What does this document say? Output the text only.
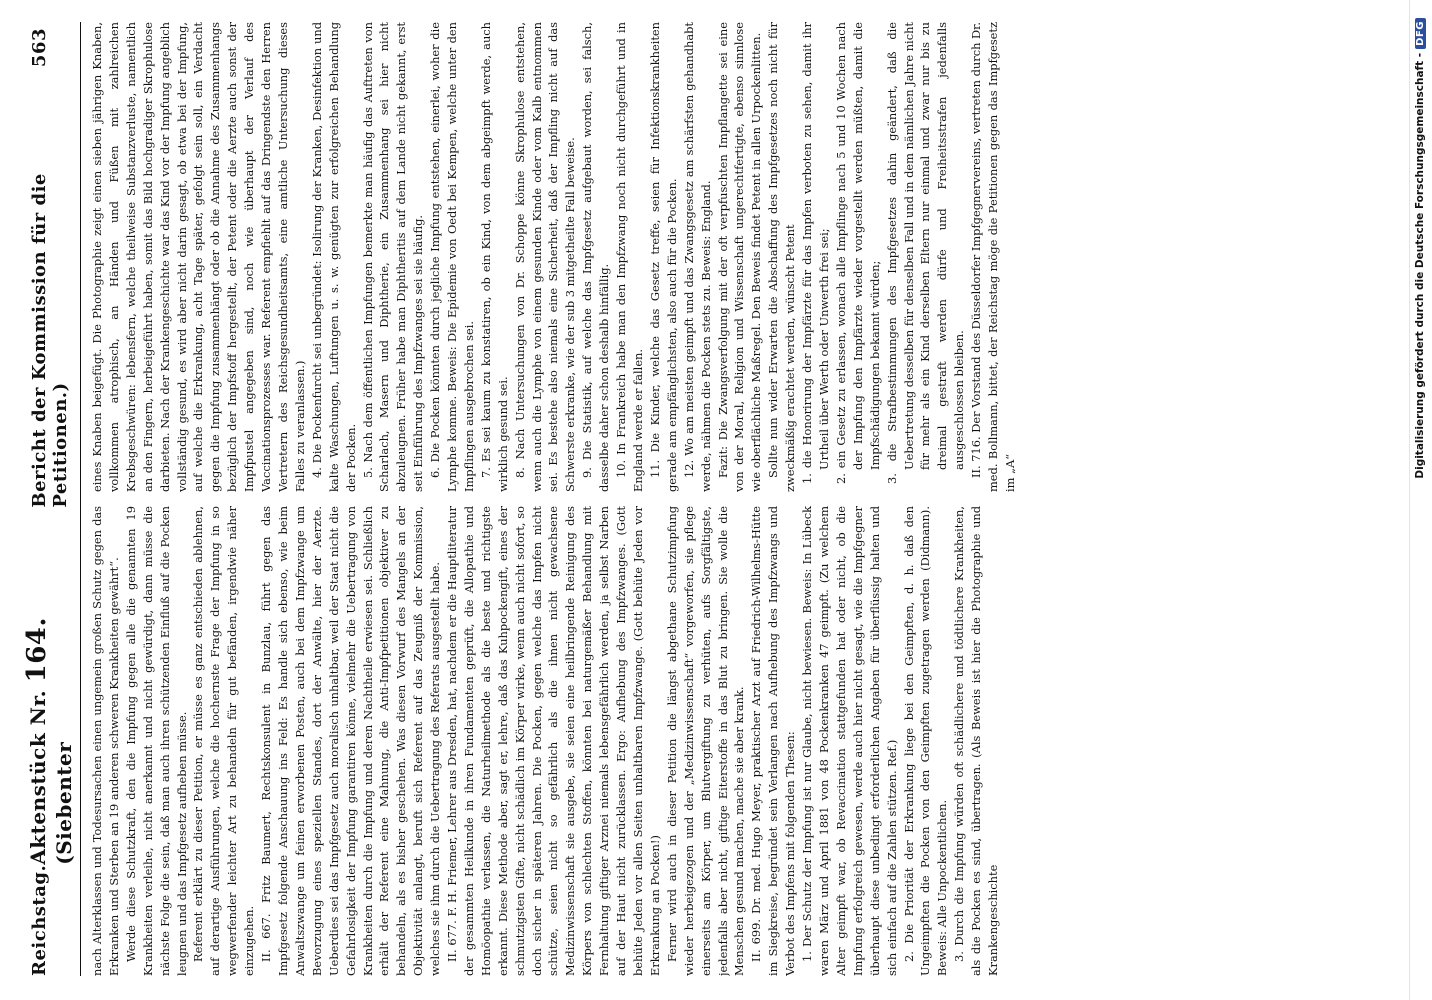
Reichstag.
Aktenstück Nr. 164. (Siebenter
Bericht der Kommission für die Petitionen.)
563

nach Alterklassen und Todesursachen einen ungemein großen Schutz gegen das Erkranken und Sterben an 19 anderen schweren Krankheiten gewährt“. Werde diese Schutzkraft, den die Impfung gegen alle die genannten 19 Krankheiten verleihe, nicht anerkannt und nicht gewürdigt, dann müsse die nächste Folge die sein, daß man auch ihren schützenden Einfluß auf die Pocken leugnen und das Impfgesetz aufheben müsse. Referent erklärt zu dieser Petition, er müsse es ganz entschieden ablehnen, auf derartige Ausführungen, welche die hochernste Frage der Impfung in so wegwerfender leichter Art zu behandeln für gut befänden, irgendwie näher einzugehen. II. 667. Fritz Baumert, Rechtskonsulent in Bunzlau, führt gegen das Impfgesetz folgende Anschauung ins Feld: Es handle sich ebenso, wie beim Anwaltszwange um feinen erworbenen Posten, auch bei dem Impfzwange um Bevorzugung eines speziellen Standes, dort der Anwälte, hier der Aerzte. Ueberdies sei das Impfgesetz auch moralisch unhaltbar, weil der Staat nicht die Gefahrlosigkeit der Impfung garantiren könne, vielmehr die Uebertragung von Krankheiten durch die Impfung und deren Nachtheile erwiesen sei. Schließlich erhält der Referent eine Mahnung, die Anti-Impfpetitionen objektiver zu behandeln, als es bisher geschehen. Was diesen Vorwurf des Mangels an der Objektivität anlangt, beruft sich Referent auf das Zeugniß der Kommission, welches sie ihm durch die Uebertragung des Referats ausgestellt habe. II. 677. F. H. Friemer, Lehrer aus Dresden, hat, nachdem er die Hauptliteratur der gesammten Heilkunde in ihren Fundamenten geprüft, die Allopathie und Homöopathie verlassen, die Naturheilmethode als die beste und richtigste erkannt. Diese Methode aber, sagt er, lehre, daß das Kuhpockengift, eines der schmutzigsten Gifte, nicht schädlich im Körper wirke, wenn auch nicht sofort, so doch sicher in späteren Jahren. Die Pocken, gegen welche das Impfen nicht schütze, seien nicht so gefährlich als die ihnen nicht gewachsene Medizinwissenschaft sie ausgebe, sie seien eine heilbringende Reinigung des Körpers von schlechten Stoffen, könnten bei naturgemäßer Behandlung mit Fernhaltung giftiger Arznei niemals lebensgefährlich werden, ja selbst Narben auf der Haut nicht zurücklassen. Ergo: Aufhebung des Impfzwanges. (Gott behüte Jeden vor allen Seiten unhaltbaren Impfzwange. (Gott behüte Jeden vor Erkrankung an Pocken!) Ferner wird auch in dieser Petition die längst abgethane Schutzimpfung wieder herbeigezogen und der „Medizinwissenschaft“ vorgeworfen, sie pflege einerseits am Körper, um Blutvergiftung zu verhüten, aufs Sorgfältigste, jedenfalls aber nicht, giftige Eiterstoffe in das Blut zu bringen. Sie wolle die Menschen gesund machen, mache sie aber krank. II. 699. Dr. med. Hugo Meyer, praktischer Arzt auf Friedrich-Wilhelms-Hütte im Siegkreise, begründet sein Verlangen nach Aufhebung des Impfzwangs und Verbot des Impfens mit folgenden Thesen: 1. Der Schutz der Impfung ist nur Glaube, nicht bewiesen. Beweis: In Lübeck waren März und April 1881 von 48 Pockenkranken 47 geimpft. (Zu welchem Alter geimpft war, ob Revaccination stattgefunden hat oder nicht, ob die Impfung erfolgreich gewesen, werde auch hier nicht gesagt, wie die Impfgegner überhaupt diese unbedingt erforderlichen Angaben für überflüssig halten und sich einfach auf die Zahlen stützen. Ref.) 2. Die Priorität der Erkrankung liege bei den Geimpften, d. h. daß den Ungeimpften die Pocken von den Geimpften zugetragen werden (Didmann). Beweis: Alle Unpockentlichen. 3. Durch die Impfung würden oft schädlichere und tödtlichere Krankheiten, als die Pocken es sind, übertragen. (Als Beweis ist hier die Photographie und Krankengeschichte

eines Knaben beigefügt. Die Photographie zeigt einen sieben jährigen Knaben, vollkommen atrophisch, an Händen und Füßen mit zahlreichen Krebsgeschwüren: lebensfern, welche theilweise Substanzverluste, namentlich an den Fingern, herbeigeführt haben, somit das Bild hochgradiger Skrophulose darbieten. Nach der Krankengeschichte war das Kind vor der Impfung angeblich vollständig gesund, es wird aber nicht darin gesagt, ob etwa bei der Impfung, auf welche die Erkrankung, acht Tage später, gefolgt sein soll, ein Verdacht gegen die Impfung zusammenhängt oder ob die Annahme des Zusammenhangs bezüglich der Impfstoff hergestellt, der Petent oder die Aerzte auch sonst der Impfpustel angegeben sind, noch wie überhaupt der Verlauf des Vaccinationsprozesses war. Referent empfiehlt auf das Dringendste den Herren Vertretern des Reichsgesundheitsamts, eine amtliche Untersuchung dieses Falles zu veranlassen.) 4. Die Pockenfurcht sei unbegründet: Isolirung der Kranken, Desinfektion und kalte Waschungen, Luftungen u. s. w. genügten zur erfolgreichen Behandlung der Pocken. 5. Nach dem öffentlichen Impfungen bemerkte man häufig das Auftreten von Scharlach, Masern und Diphtherie, ein Zusammenhang sei hier nicht abzuleugnen. Früher habe man Diphtheritis auf dem Lande nicht gekannt, erst seit Einführung des Impfzwanges sei sie häufig. 6. Die Pocken könnten durch jegliche Impfung entstehen, einerlei, woher die Lymphe komme. Beweis: Die Epidemie von Oedt bei Kempen, welche unter den Impflingen ausgebrochen sei. 7. Es sei kaum zu konstatiren, ob ein Kind, von dem abgeimpft werde, auch wirklich gesund sei. 8. Nach Untersuchungen von Dr. Schoppe könne Skrophulose entstehen, wenn auch die Lymphe von einem gesunden Kinde oder vom Kalb entnommen sei. Es bestehe also niemals eine Sicherheit, daß der Impfling nicht auf das Schwerste erkranke, wie der sub 3 mitgetheilte Fall beweise. 9. Die Statistik, auf welche das Impfgesetz aufgebaut worden, sei falsch, dasselbe daher schon deshalb hinfällig. 10. In Frankreich habe man den Impfzwang noch nicht durchgeführt und in England werde er fallen. 11. Die Kinder, welche das Gesetz treffe, seien für Infektionskrankheiten gerade am empfänglichsten, also auch für die Pocken. 12. Wo am meisten geimpft und das Zwangsgesetz am schärfsten gehandhabt werde, nähmen die Pocken stets zu. Beweis: England. Fazit: Die Zwangsverfolgung mit der oft verpfuschten Impflangette sei eine von der Moral, Religion und Wissenschaft ungerechtfertigte, ebenso sinnlose wie oberflächliche Maßregel. Den Beweis findet Petent in allen Urpockenlitten. Sollte nun wider Erwarten die Abschaffung des Impfgesetzes noch nicht für zweckmäßig erachtet werden, wünscht Petent 1. die Honorirung der Impfärzte für das Impfen verboten zu sehen, damit ihr Urtheil über Werth oder Unwerth frei sei; 2. ein Gesetz zu erlassen, wonach alle Impflinge nach 5 und 10 Wochen nach der Impfung den Impfärzte wieder vorgestellt werden müßten, damit die Impfschädigungen bekannt würden; 3. die Strafbestimmungen des Impfgesetzes dahin geändert, daß die Uebertretung desselben für denselben Fall und in dem nämlichen Jahre nicht für mehr als ein Kind derselben Eltern nur einmal und zwar nur bis zu dreimal gestraft werden dürfe und Freiheitsstrafen jedenfalls ausgeschlossen bleiben. II. 716. Der Vorstand des Düsseldorfer Impfgegnervereins, vertreten durch Dr. med. Bollmann, bittet, der Reichstag möge die Petitionen gegen das Impfgesetz im „A“	Digitalisierung gefördert durch die Deutsche Forschungsgemeinschaft -
DFG
